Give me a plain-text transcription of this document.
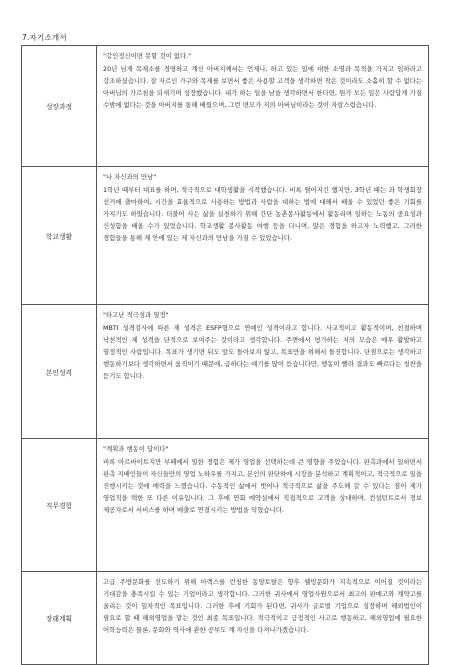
7.자기소개서
성장과정	"강인정신이면 못할 것이 없다."
20년 넘게 목재소를 경영하고 계신 아버지께서는 언제나, 하고 있는 일에 대한 소명과 목적을 가지고 임하라고 강조하셨습니다. 잘 자르인 가구와 목재를 보면서 좋은 사용할 고객을 생각하면 작은 것이라도 소홀히 할 수 없다는 아버님의 가르침을 되새기며 성장했습니다. 내가 하는 일을 남을 생각하면서 한다면, 뭔가 모든 일은 사람답게 가질 수밖에 없다는 것을 아버지를 통해 배웠으며, 그런 면모가 저의 아버님이라는 것이 자랑스럽습니다.

학교생활	"나 자신과의 만남"
1학년 때부터 대표를 하며, 적극적으로 대학생활을 시작했습니다. 비록 떨어지긴 했지만, 3학년 때는 과 학생회장 선거에 출마하여, 시간을 효율적으로 사용하는 방법과 사람을 대하는 법에 대해서 배울 수 있었던 좋은 기회를 가지기도 하였습니다. 더불어 사는 삶을 실천하기 위해 간단 농촌봉사활동에서 활동리며 일하는 노동의 중요성과 신성함을 배울 수가 있었습니다. 학교생활 봉사활동 여행 등을 다니며, 많은 경험을 하고자 노력했고, 그러한 경험들을 통해 제 안에 있는 제 자신과의 만남을 가질 수 있었습니다.

본인성격	"타고난 적극성과 열정"
MBTI 성격검사에 따른 제 성격은 ESFP형으로 연예인 성격이라고 합니다. 사교적이고 활동적이며, 친절하며 낙천적인 제 성격을 단적으로 보여주는 것이라고 생각합니다. 주변에서 평가하는 저의 모습은 매우 활발하고 열정적인 사람입니다. 목표가 생기면 뒤도 앞도 돌아보지 않고, 목표만을 위해서 돌진합니다. 단점으로는 생각하고 행동하기보다 생각하면서 움직이기 때문에, 급하다는 얘기를 많이 듣습니다만, 행동이 빨라 결과도 빠르다는 칭찬을 듣기도 합니다.

직무경험	"계획과 행동이 답이다"
비록 아르바이트지만 부페에서 일한 경험은 제가 영업을 선택하는데 큰 영향을 주었습니다. 판촉과에서 일하면서 판촉 지배인들이 자신들만의 영업 노하우를 가지고, 본인의 판단하에 시장을 분석하고 계획적이고, 적극적으로 일을 진행시키는 것에 매력을 느꼈습니다. 수동적인 삶에서 벗어나 적극적으로 삶을 주도해 갈 수 있다는 점이 제가 영업직을 택한 또 다른 이유입니다. 그 후에 연회 예약실에서 직접적으로 고객을 상대하며, 컨설턴트로서 정보 제공자로서 서비스를 하며 매출로 연결시키는 방법을 익혔습니다.

장래계획	고급 주방문화를 선도하기 위해 아렉스를 런칭한 동양토탈은 향후 웰빙문화가 지속적으로 이어질 것이라는 기대감을 충족시킬 수 있는 기업이라고 생각합니다. 그러한 귀사에서 영업사원으로서 최고의 판매고와 계약고를 올리는 것이 일차적인 목표입니다. 그러한 후에 기회가 된다면, 귀사가 글로벌 기업으로 성장하며 해외법인이 필요로 할 때 해외영업을 맡는 것인 최종 목표입니다. 적극적이고 긍정적인 사고로 행동하고, 해외영업에 필요한 어학능력은 물론, 문화와 역사에 관한 공부도 계 자신을 다져나가겠습니다.
